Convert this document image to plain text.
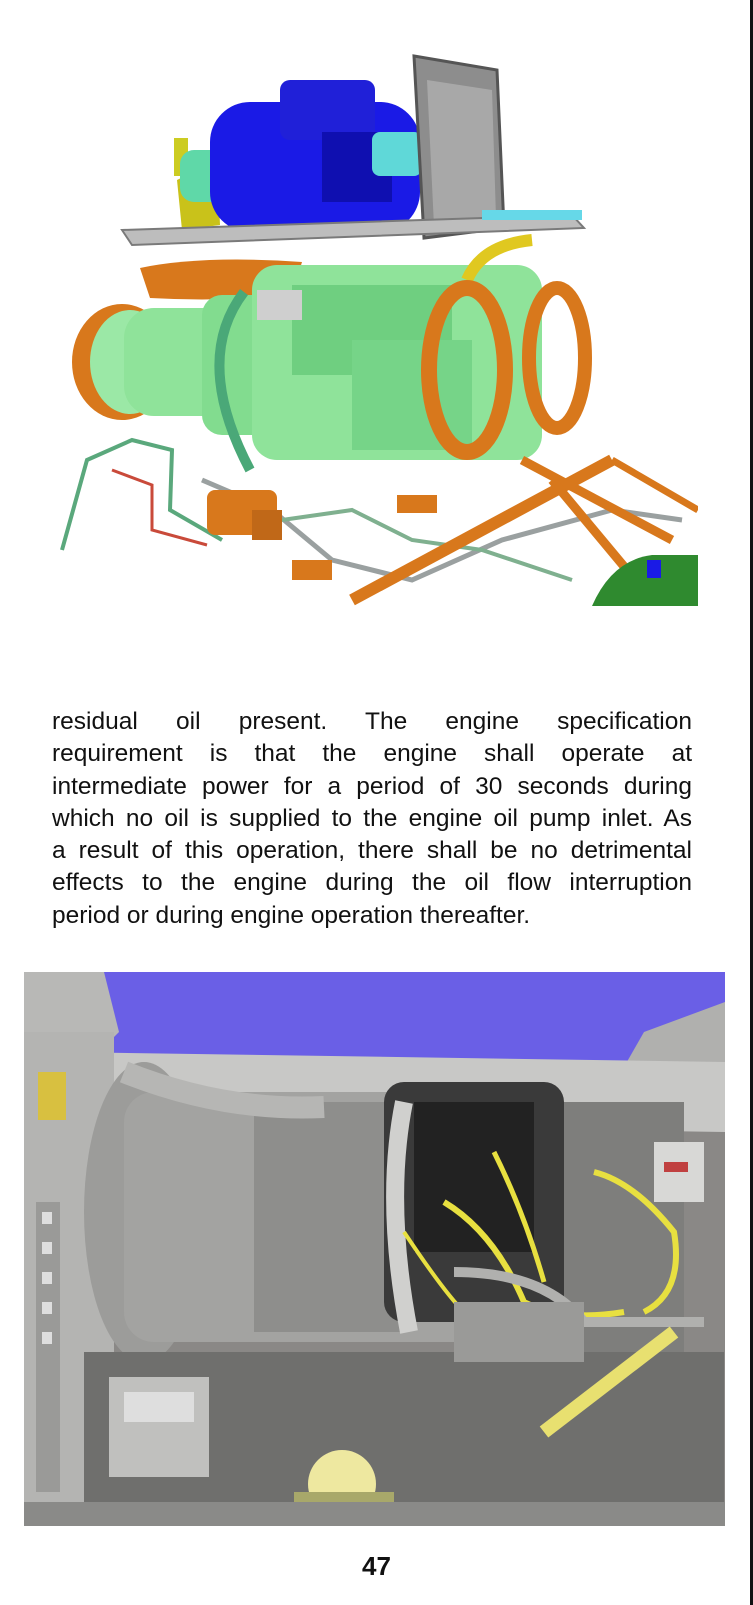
residual oil present. The engine specification
requirement is that the engine shall operate at
intermediate power for a period of 30 seconds during
which no oil is supplied to the engine oil pump inlet. As
a result of this operation, there shall be no detrimental
effects to the engine during the oil flow interruption
period or during engine operation thereafter.

47
